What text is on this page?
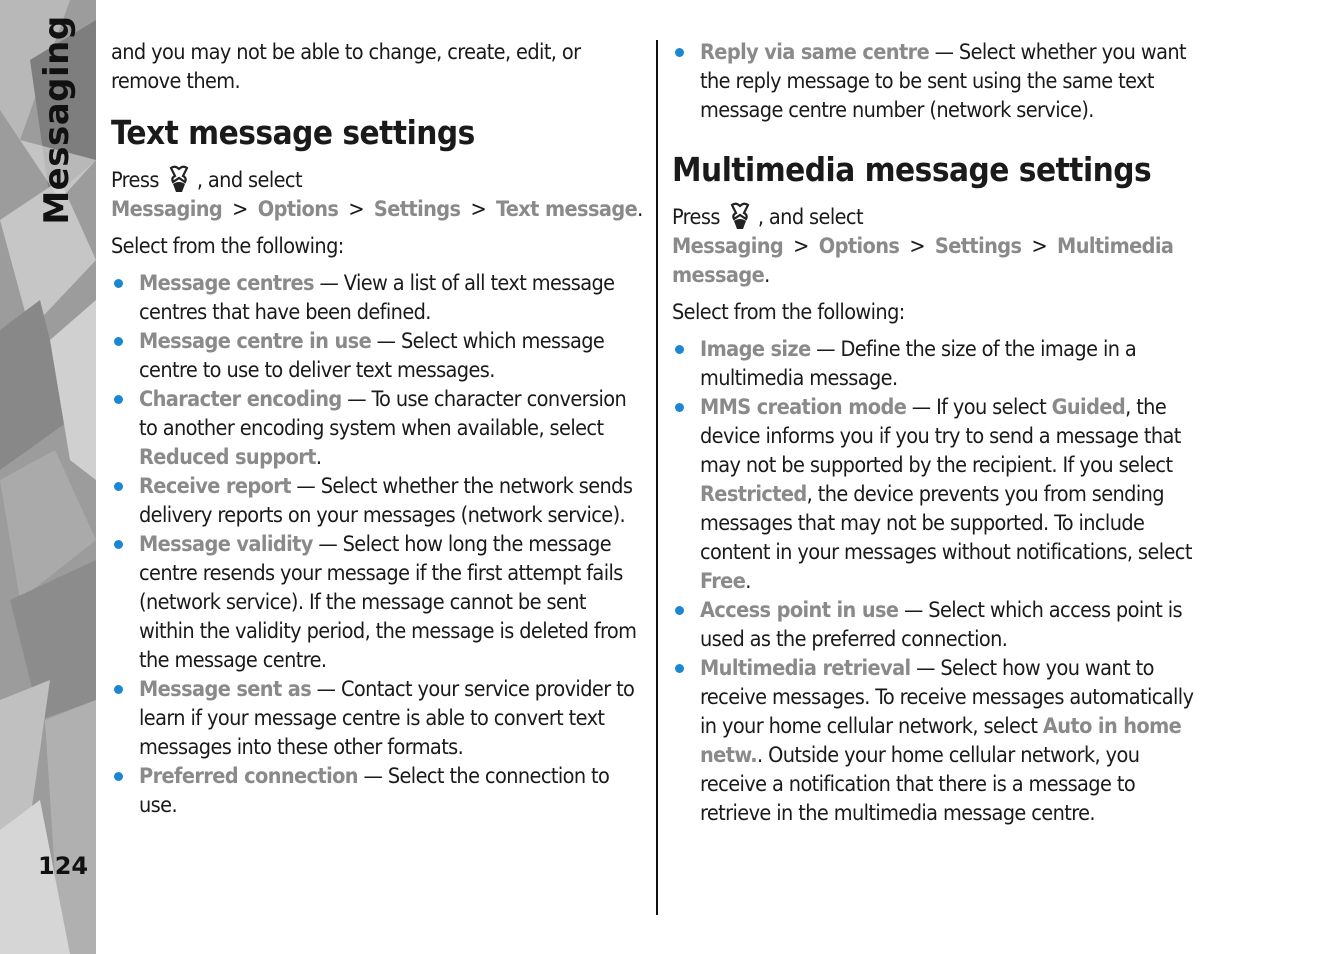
Messaging
124

and you may not be able to change, create, edit, or remove them.

Text message settings

Press , and select Messaging > Options > Settings > Text message.

Select from the following:

Message centres — View a list of all text message centres that have been defined.
Message centre in use — Select which message centre to use to deliver text messages.
Character encoding — To use character conversion to another encoding system when available, select Reduced support.
Receive report — Select whether the network sends delivery reports on your messages (network service).
Message validity — Select how long the message centre resends your message if the first attempt fails (network service). If the message cannot be sent within the validity period, the message is deleted from the message centre.
Message sent as — Contact your service provider to learn if your message centre is able to convert text messages into these other formats.
Preferred connection — Select the connection to use.
Reply via same centre — Select whether you want the reply message to be sent using the same text message centre number (network service).
Multimedia message settings

Press , and select Messaging > Options > Settings > Multimedia message.

Select from the following:

Image size — Define the size of the image in a multimedia message.
MMS creation mode — If you select Guided, the device informs you if you try to send a message that may not be supported by the recipient. If you select Restricted, the device prevents you from sending messages that may not be supported. To include content in your messages without notifications, select Free.
Access point in use — Select which access point is used as the preferred connection.
Multimedia retrieval — Select how you want to receive messages. To receive messages automatically in your home cellular network, select Auto in home netw.. Outside your home cellular network, you receive a notification that there is a message to retrieve in the multimedia message centre.
